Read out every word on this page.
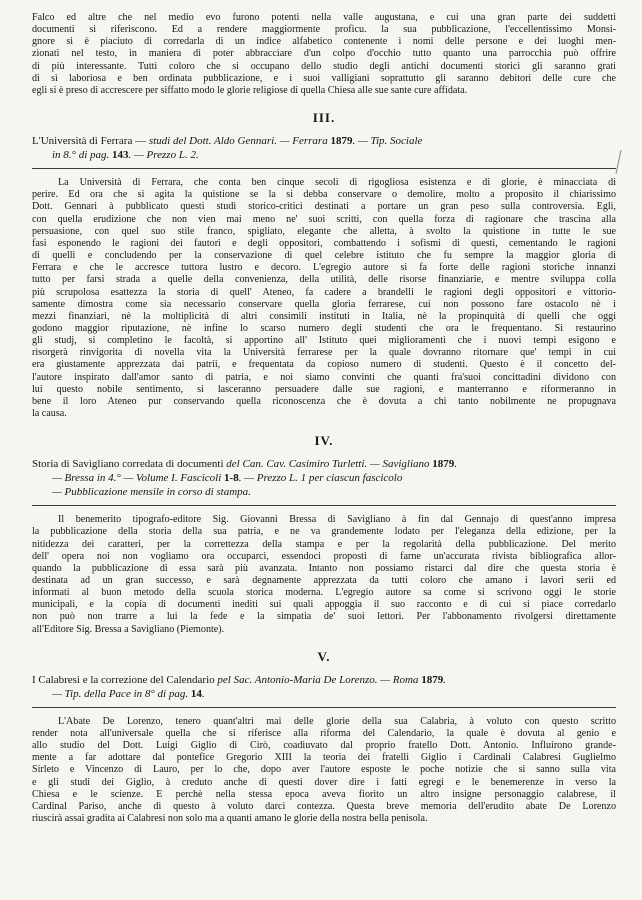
Falco ed altre che nel medio evo furono potenti nella valle augustana, e cui una gran parte dei suddetti

documenti si riferiscono. Ed a rendere maggiormente proficu. la sua pubblicazione, l'eccellentissimo Monsi-

gnore si è piaciuto di corredarla di un indice alfabetico contenente i nomi delle persone e dei luoghi men-

zionati nel testo, in maniera di poter abbracciare d'un colpo d'occhio tutto quanto una parrocchia può offrire

di più interessante. Tutti coloro che si occupano dello studio degli antichi documenti storici gli saranno grati

di sì laboriosa e ben ordinata pubblicazione, e i suoi valligiani soprattutto gli saranno debitori delle cure che

egli si è preso di accrescere per siffatto modo le glorie religiose di quella Chiesa alle sue sante cure affidata.

III.
L'Università di Ferrara — studi del Dott. Aldo Gennari. — Ferrara 1879. — Tip. Sociale
in 8.° di pag. 143. — Prezzo L. 2.

La Università di Ferrara, che conta ben cinque secoli di rigogliosa esistenza e di glorie, è minacciata di

perire. Ed ora che si agita la quistione se la si debba conservare o demolire, molto a proposito il chiarissimo

Dott. Gennari à pubblicato questi studi storico-critici destinati a portare un gran peso sulla controversia. Egli,

con quella erudizione che non vien mai meno ne' suoi scritti, con quella forza di ragionare che trascina alla

persuasione, con quel suo stile franco, spigliato, elegante che alletta, à svolto la quistione in tutte le sue

fasi esponendo le ragioni dei fautori e degli oppositori, combattendo i sofismi di questi, cementando le ragioni

di quelli e concludendo per la conservazione di quel celebre istituto che fu sempre la maggior gloria di

Ferrara e che le accresce tuttora lustro e decoro. L'egregio autore si fa forte delle ragioni storiche innanzi

tutto per farsi strada a quelle della convenienza, della utilità, delle risorse finanziarie, e mentre sviluppa colla

più scrupolosa esattezza la storia di quell' Ateneo, fa cadere a brandelli le ragioni degli oppositori e vittorio-

samente dimostra come sia necessario conservare quella gloria ferrarese, cui non possono fare ostacolo nè i

mezzi finanziari, nè la moltiplicità di altri consimili instituti in Italia, nè la propinquità di quelli che oggi

godono maggior riputazione, nè infine lo scarso numero degli studenti che ora le frequentano. Si restaurino

gli studj, si completino le facoltà, si apportino all' Istituto quei miglioramenti che i nuovi tempi esigono e

risorgerà rinvigorita di novella vita la Università ferrarese per la quale dovranno ritornare que' tempi in cui

era giustamente apprezzata dai patrii, e frequentata da copioso numero di studenti. Questo è il concetto del-

l'autore inspirato dall'amor santo di patria, e noi siamo convinti che quanti fra'suoi concittadini dividono con

lui questo nobile sentimento, si lasceranno persuadere dalle sue ragioni, e manterranno e riformeranno in

bene il loro Ateneo pur conservando quella riconoscenza che è dovuta a chi tanto nobilmente ne propugnava

la causa.

IV.
Storia di Savigliano corredata di documenti del Can. Cav. Casimiro Turletti. — Savigliano 1879.
— Bressa in 4.° — Volume I. Fascicoli 1-8. — Prezzo L. 1 per ciascun fascicolo
— Pubblicazione mensile in corso di stampa.

Il benemerito tipografo-editore Sig. Giovanni Bressa di Savigliano à fin dal Gennajo di quest'anno impresa

la pubblicazione della storia della sua patria, e ne va grandemente lodato per l'eleganza della edizione, per la

nitidezza dei caratteri, per la correttezza della stampa e per la regolarità della pubblicazione. Del merito

dell' opera noi non vogliamo ora occuparci, essendoci proposti di farne un'accurata rivista bibliografica allor-

quando la pubblicazione di essa sarà più avanzata. Intanto non possiamo ristarci dal dire che questa storia è

destinata ad un gran successo, e sarà degnamente apprezzata da tutti coloro che amano i lavori serii ed

informati al buon metodo della scuola storica moderna. L'egregio autore sa come si scrivono oggi le storie

municipali, e la copia di documenti inediti sui quali appoggia il suo racconto e di cui si piace corredarlo

non può non trarre a lui la fede e la simpatia de' suoi lettori. Per l'abbonamento rivolgersi direttamente

all'Editore Sig. Bressa a Savigliano (Piemonte).

V.
I Calabresi e la correzione del Calendario pel Sac. Antonio-Maria De Lorenzo. — Roma 1879.
— Tip. della Pace in 8° di pag. 14.

L'Abate De Lorenzo, tenero quant'altri mai delle glorie della sua Calabria, à voluto con questo scritto

render nota all'universale quella che si riferisce alla riforma del Calendario, la quale è dovuta al genio e

allo studio del Dott. Luigi Giglio di Cirò, coadiuvato dal proprio fratello Dott. Antonio. Influirono grande-

mente a far adottare dal pontefice Gregorio XIII la teoria dei fratelli Giglio i Cardinali Calabresi Guglielmo

Sirleto e Vincenzo di Lauro, per lo che, dopo aver l'autore esposte le poche notizie che si sanno sulla vita

e gli studi dei Giglio, à creduto anche di questi dover dire i fatti egregi e le benemerenze in verso la

Chiesa e le scienze. E perchè nella stessa epoca aveva fiorito un altro insigne personaggio calabrese, il

Cardinal Pariso, anche di questo à voluto darci contezza. Questa breve memoria dell'erudito abate De Lorenzo

riuscirà assai gradita ai Calabresi non solo ma a quanti amano le glorie della nostra bella penisola.
